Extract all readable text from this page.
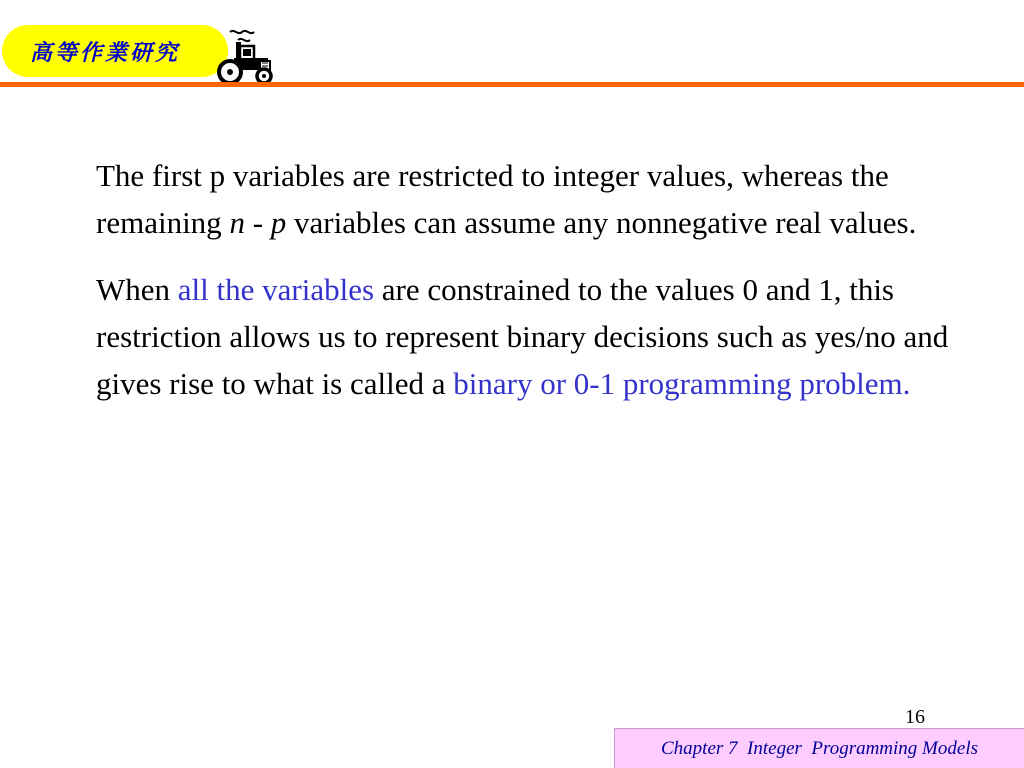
高等作業研究

The first p variables are restricted to integer values, whereas the remaining n - p variables can assume any nonnegative real values.

When all the variables are constrained to the values 0 and 1, this restriction allows us to represent binary decisions such as yes/no and gives rise to what is called a binary or 0-1 programming problem.

16
Chapter 7  Integer  Programming Models
